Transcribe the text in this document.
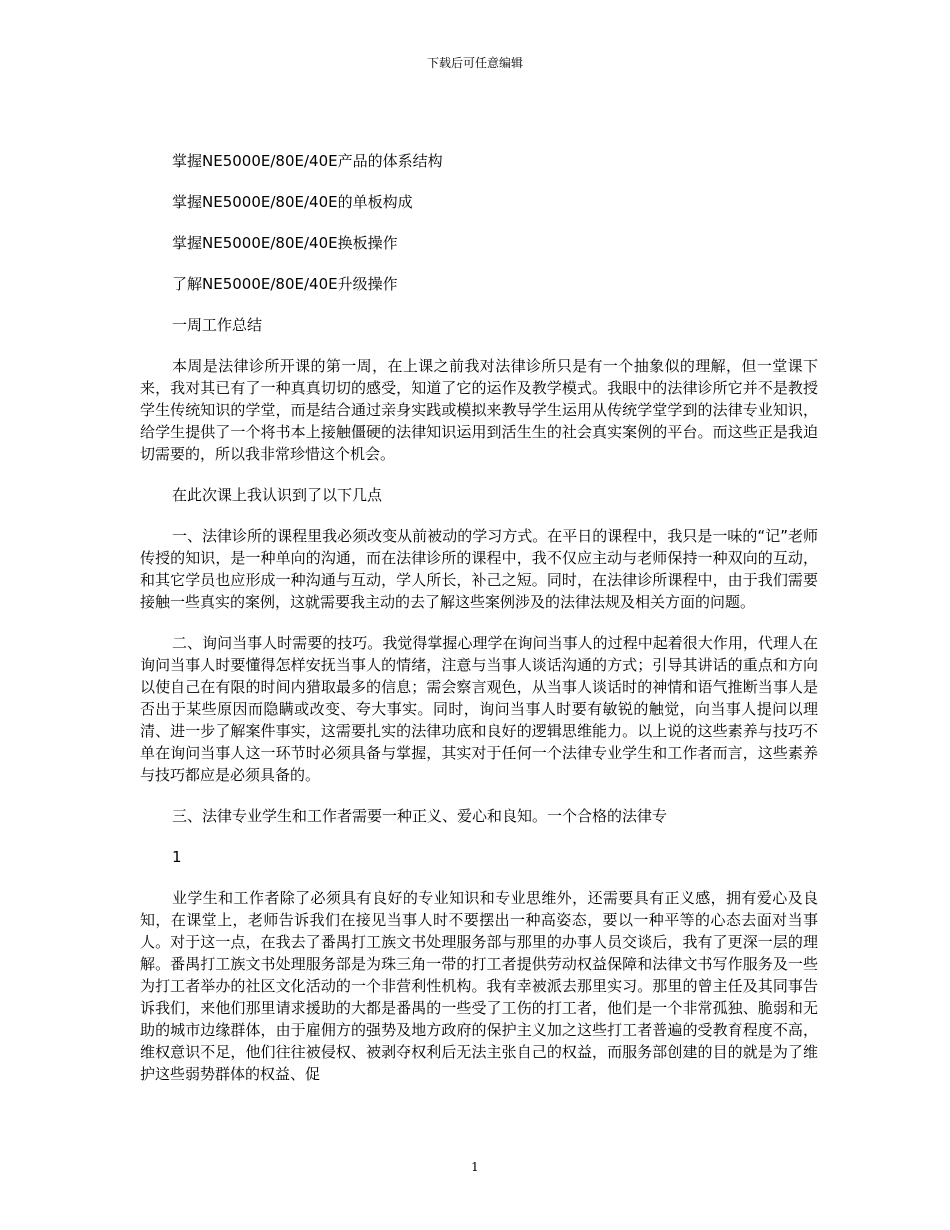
下载后可任意编辑

掌握NE5000E/80E/40E产品的体系结构

掌握NE5000E/80E/40E的单板构成

掌握NE5000E/80E/40E换板操作

了解NE5000E/80E/40E升级操作

一周工作总结

本周是法律诊所开课的第一周，在上课之前我对法律诊所只是有一个抽象似的理解，但一堂课下来，我对其已有了一种真真切切的感受，知道了它的运作及教学模式。我眼中的法律诊所它并不是教授学生传统知识的学堂，而是结合通过亲身实践或模拟来教导学生运用从传统学堂学到的法律专业知识，给学生提供了一个将书本上接触僵硬的法律知识运用到活生生的社会真实案例的平台。而这些正是我迫切需要的，所以我非常珍惜这个机会。

在此次课上我认识到了以下几点

一、法律诊所的课程里我必须改变从前被动的学习方式。在平日的课程中，我只是一味的“记”老师传授的知识，是一种单向的沟通，而在法律诊所的课程中，我不仅应主动与老师保持一种双向的互动，和其它学员也应形成一种沟通与互动，学人所长，补己之短。同时，在法律诊所课程中，由于我们需要接触一些真实的案例，这就需要我主动的去了解这些案例涉及的法律法规及相关方面的问题。

二、询问当事人时需要的技巧。我觉得掌握心理学在询问当事人的过程中起着很大作用，代理人在询问当事人时要懂得怎样安抚当事人的情绪，注意与当事人谈话沟通的方式；引导其讲话的重点和方向以使自己在有限的时间内猎取最多的信息；需会察言观色，从当事人谈话时的神情和语气推断当事人是否出于某些原因而隐瞒或改变、夸大事实。同时，询问当事人时要有敏锐的触觉，向当事人提问以理清、进一步了解案件事实，这需要扎实的法律功底和良好的逻辑思维能力。以上说的这些素养与技巧不单在询问当事人这一环节时必须具备与掌握，其实对于任何一个法律专业学生和工作者而言，这些素养与技巧都应是必须具备的。

三、法律专业学生和工作者需要一种正义、爱心和良知。一个合格的法律专

1

业学生和工作者除了必须具有良好的专业知识和专业思维外，还需要具有正义感，拥有爱心及良知，在课堂上，老师告诉我们在接见当事人时不要摆出一种高姿态，要以一种平等的心态去面对当事人。对于这一点，在我去了番禺打工族文书处理服务部与那里的办事人员交谈后，我有了更深一层的理解。番禺打工族文书处理服务部是为珠三角一带的打工者提供劳动权益保障和法律文书写作服务及一些为打工者举办的社区文化活动的一个非营利性机构。我有幸被派去那里实习。那里的曾主任及其同事告诉我们，来他们那里请求援助的大都是番禺的一些受了工伤的打工者，他们是一个非常孤独、脆弱和无助的城市边缘群体，由于雇佣方的强势及地方政府的保护主义加之这些打工者普遍的受教育程度不高，维权意识不足，他们往往被侵权、被剥夺权利后无法主张自己的权益，而服务部创建的目的就是为了维护这些弱势群体的权益、促

1
